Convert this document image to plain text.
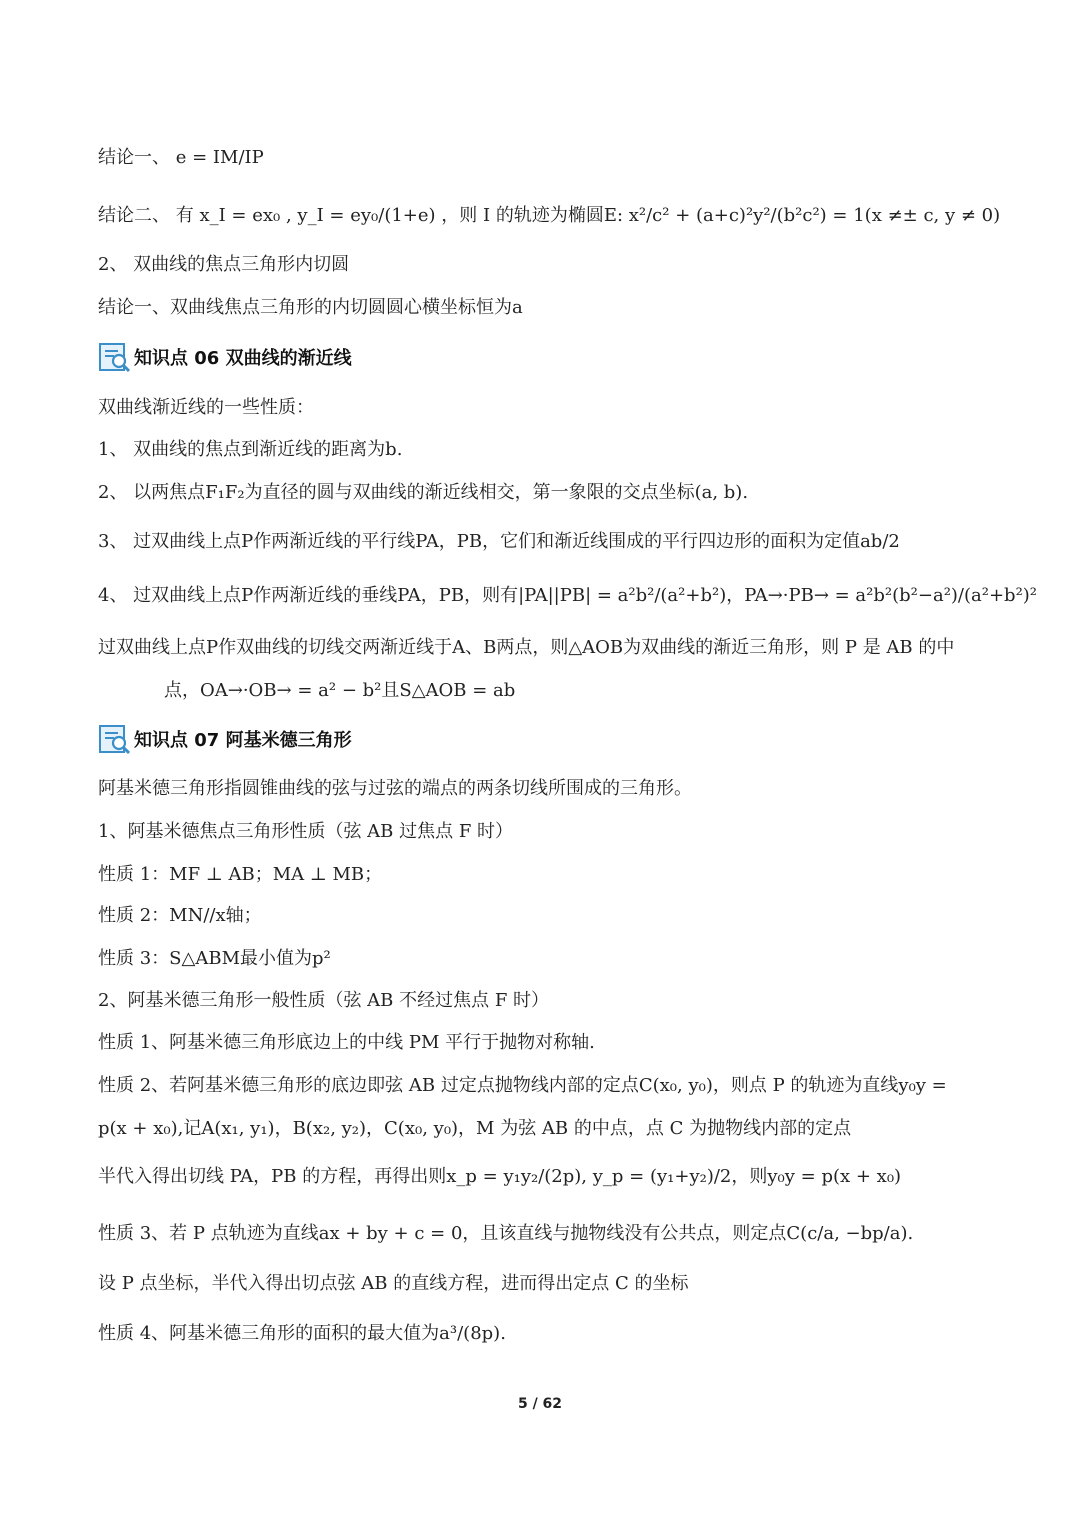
结论一、 e = IM/IP
结论二、 有 x_I = ex₀ , y_I = ey₀/(1+e) ，则 I 的轨迹为椭圆E: x²/c² + (a+c)²y²/(b²c²) = 1(x ≠± c, y ≠ 0)
2、 双曲线的焦点三角形内切圆
结论一、双曲线焦点三角形的内切圆圆心横坐标恒为a
知识点 06 双曲线的渐近线
双曲线渐近线的一些性质：
1、 双曲线的焦点到渐近线的距离为b.
2、 以两焦点F₁F₂为直径的圆与双曲线的渐近线相交，第一象限的交点坐标(a, b).
3、 过双曲线上点P作两渐近线的平行线PA，PB，它们和渐近线围成的平行四边形的面积为定值ab/2
4、 过双曲线上点P作两渐近线的垂线PA，PB，则有|PA||PB| = a²b²/(a²+b²)，PA→·PB→ = a²b²(b²−a²)/(a²+b²)²
过双曲线上点P作双曲线的切线交两渐近线于A、B两点，则△AOB为双曲线的渐近三角形，则 P 是 AB 的中
点，OA→·OB→ = a² − b²且S△AOB = ab
知识点 07 阿基米德三角形
阿基米德三角形指圆锥曲线的弦与过弦的端点的两条切线所围成的三角形。
1、阿基米德焦点三角形性质（弦 AB 过焦点 F 时）
性质 1：MF ⊥ AB；MA ⊥ MB；
性质 2：MN//x轴；
性质 3：S△ABM最小值为p²
2、阿基米德三角形一般性质（弦 AB 不经过焦点 F 时）
性质 1、阿基米德三角形底边上的中线 PM 平行于抛物对称轴.
性质 2、若阿基米德三角形的底边即弦 AB 过定点抛物线内部的定点C(x₀, y₀)，则点 P 的轨迹为直线y₀y =
p(x + x₀),记A(x₁, y₁)，B(x₂, y₂)，C(x₀, y₀)，M 为弦 AB 的中点，点 C 为抛物线内部的定点
半代入得出切线 PA，PB 的方程，再得出则x_p = y₁y₂/(2p), y_p = (y₁+y₂)/2，则y₀y = p(x + x₀)
性质 3、若 P 点轨迹为直线ax + by + c = 0，且该直线与抛物线没有公共点，则定点C(c/a, −bp/a).
设 P 点坐标，半代入得出切点弦 AB 的直线方程，进而得出定点 C 的坐标
性质 4、阿基米德三角形的面积的最大值为a³/(8p).
5 / 62
